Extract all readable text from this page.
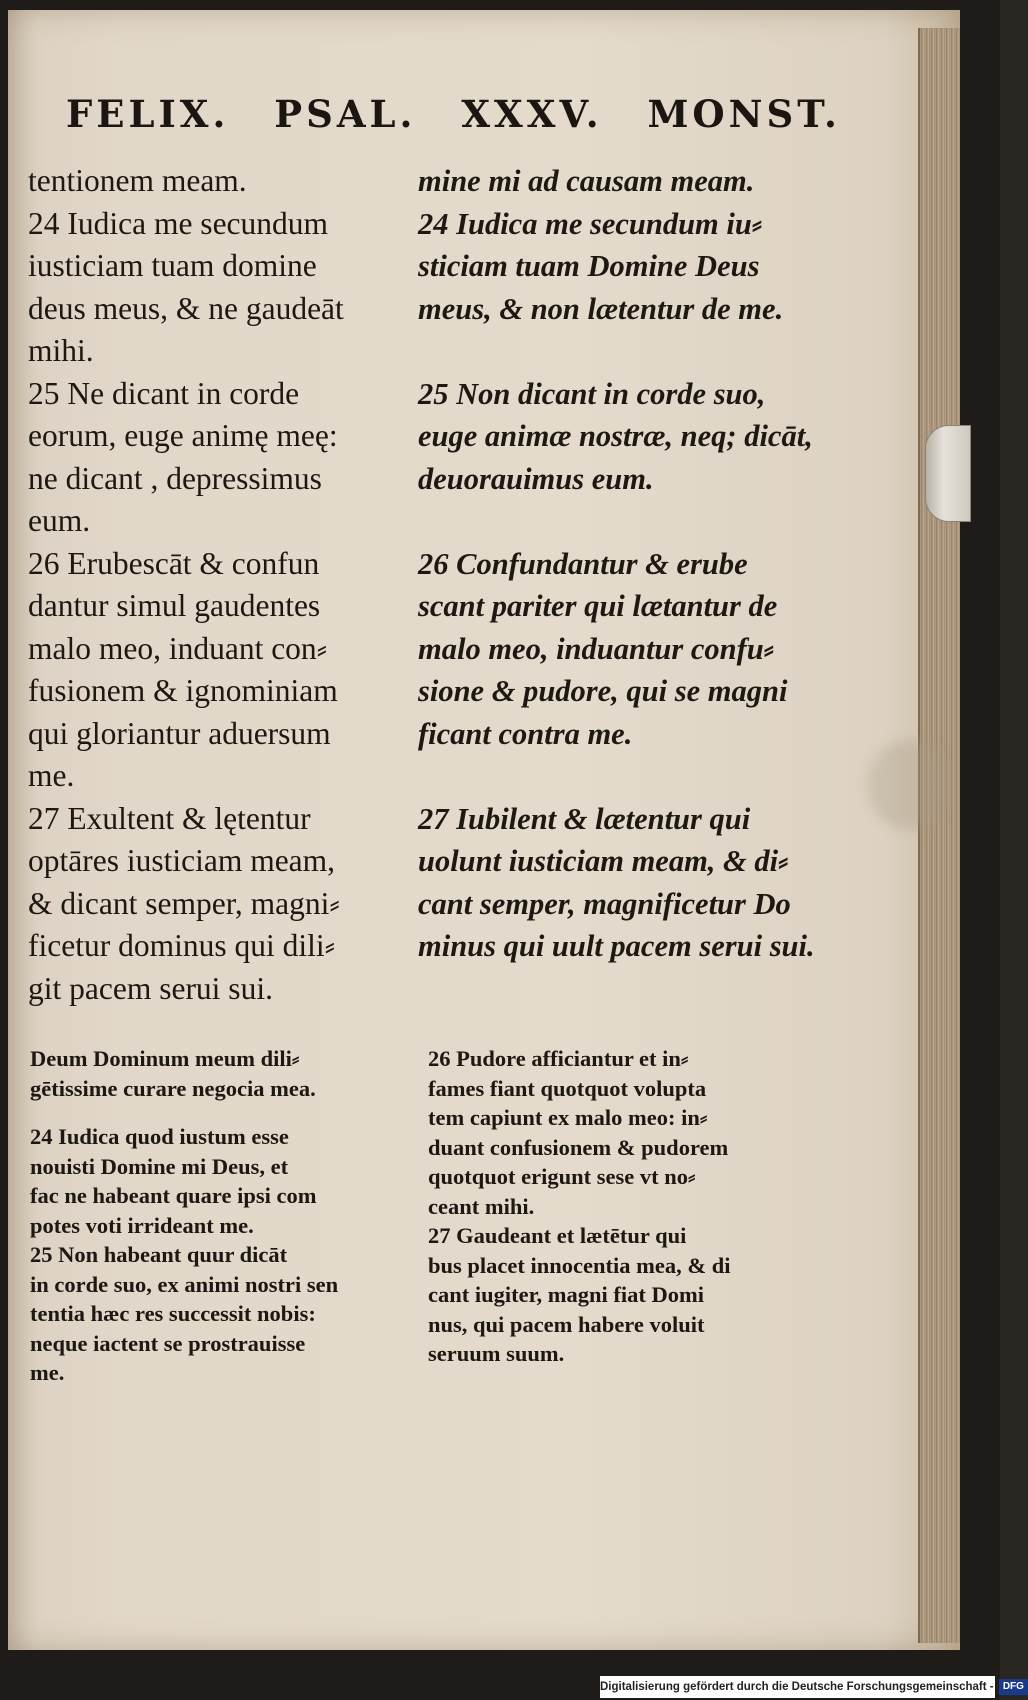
FELIX. PSAL. XXXV. MONST.
tentionem meam.
24 Iudica me secundum
iusticiam tuam domine
deus meus, & ne gaudeāt
mihi.
25 Ne dicant in corde
eorum, euge animę meę:
ne dicant , depressimus
eum.
26 Erubescāt & confun
dantur simul gaudentes
malo meo, induant con⸗
fusionem & ignominiam
qui gloriantur aduersum
me.
27 Exultent & lętentur
optāres iusticiam meam,
& dicant semper, magni⸗
ficetur dominus qui dili⸗
git pacem serui sui.
mine mi ad causam meam.
24 Iudica me secundum iu⸗
sticiam tuam Domine Deus
meus, & non lætentur de me.
25 Non dicant in corde suo,
euge animæ nostræ, neq; dicāt,
deuorauimus eum.
26 Confundantur & erube
scant pariter qui lætantur de
malo meo, induantur confu⸗
sione & pudore, qui se magni
ficant contra me.
27 Iubilent & lætentur qui
uolunt iusticiam meam, & di⸗
cant semper, magnificetur Do
minus qui uult pacem serui sui.
Deum Dominum meum dili⸗
gētissime curare negocia mea.
24 Iudica quod iustum esse
nouisti Domine mi Deus, et
fac ne habeant quare ipsi com
potes voti irrideant me.
25 Non habeant quur dicāt
in corde suo, ex animi nostri sen
tentia hæc res successit nobis:
neque iactent se prostrauisse
me.
26 Pudore afficiantur et in⸗
fames fiant quotquot volupta
tem capiunt ex malo meo: in⸗
duant confusionem & pudorem
quotquot erigunt sese vt no⸗
ceant mihi.
27 Gaudeant et lætētur qui
bus placet innocentia mea, & di
cant iugiter, magni fiat Domi
nus, qui pacem habere voluit
seruum suum.
Digitalisierung gefördert durch die Deutsche Forschungsgemeinschaft - DFG
